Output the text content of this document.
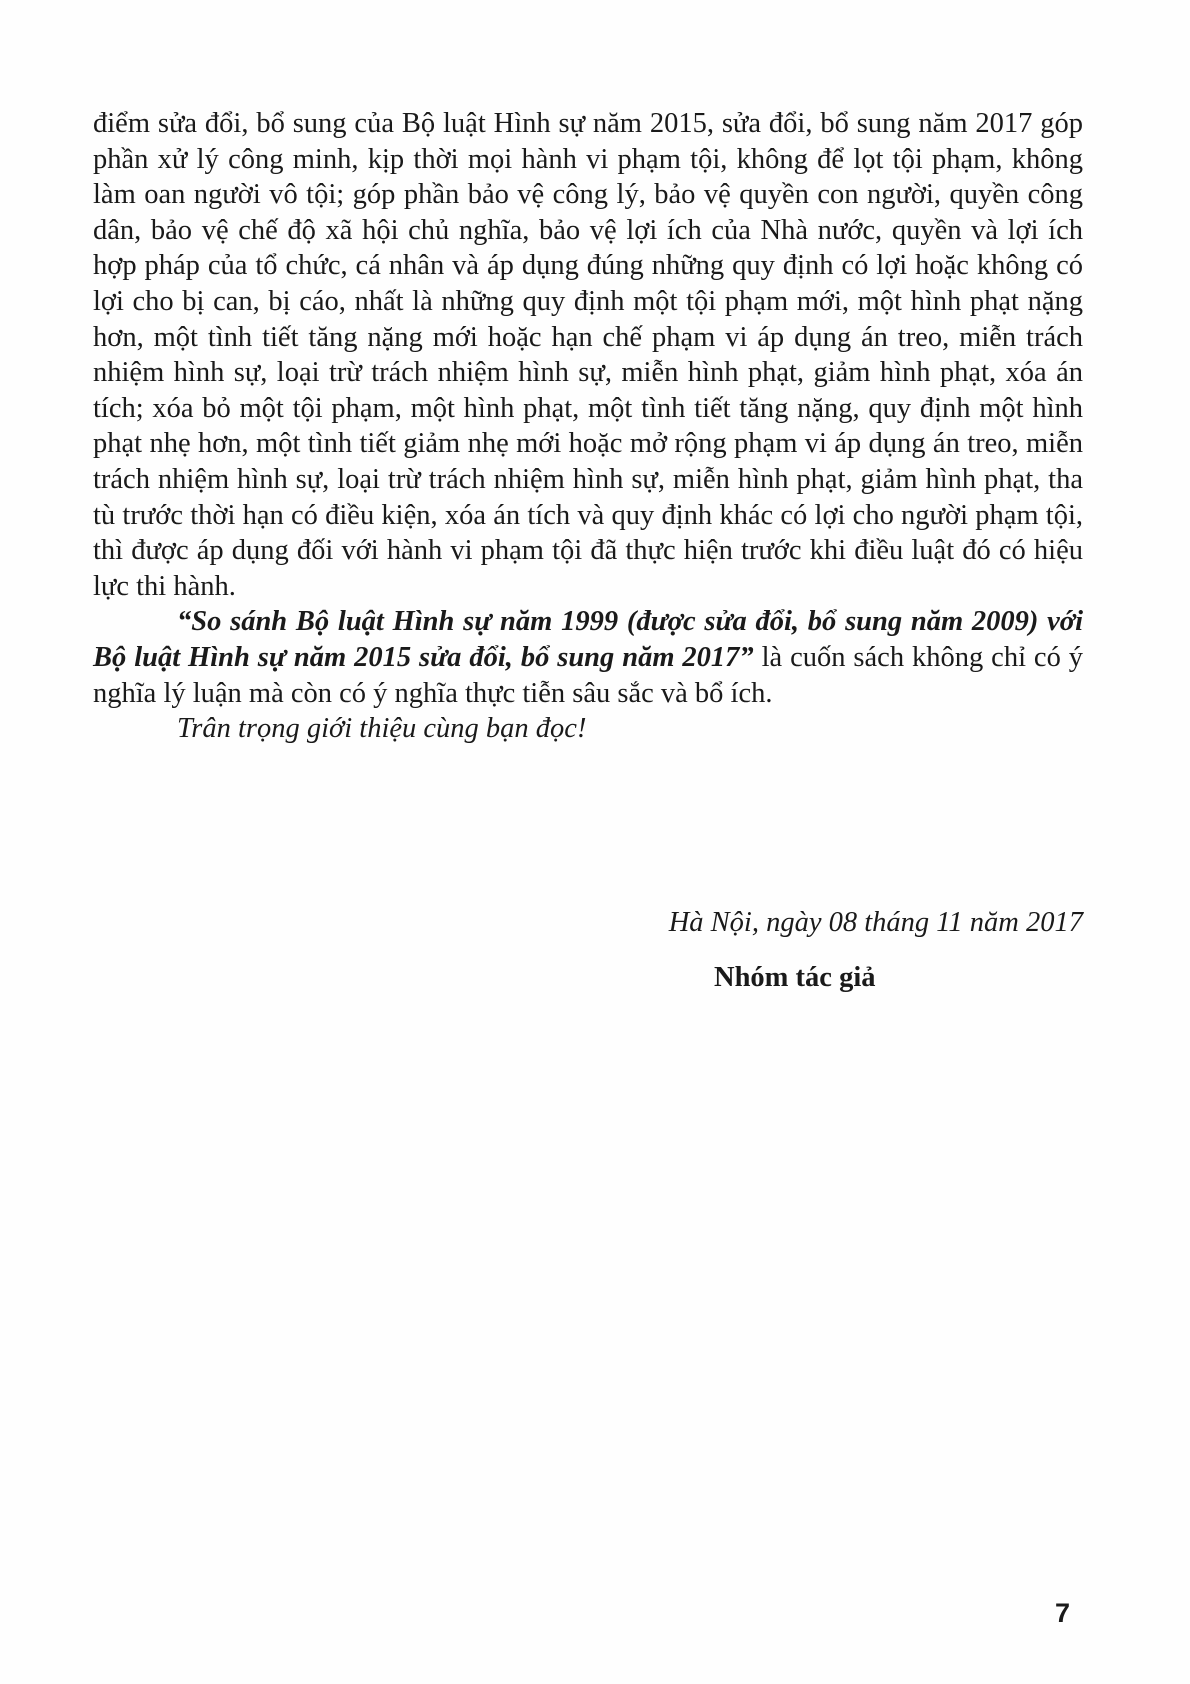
điểm sửa đổi, bổ sung của Bộ luật Hình sự năm 2015, sửa đổi, bổ sung năm 2017 góp phần xử lý công minh, kịp thời mọi hành vi phạm tội, không để lọt tội phạm, không làm oan người vô tội; góp phần bảo vệ công lý, bảo vệ quyền con người, quyền công dân, bảo vệ chế độ xã hội chủ nghĩa, bảo vệ lợi ích của Nhà nước, quyền và lợi ích hợp pháp của tổ chức, cá nhân và áp dụng đúng những quy định có lợi hoặc không có lợi cho bị can, bị cáo, nhất là những quy định một tội phạm mới, một hình phạt nặng hơn, một tình tiết tăng nặng mới hoặc hạn chế phạm vi áp dụng án treo, miễn trách nhiệm hình sự, loại trừ trách nhiệm hình sự, miễn hình phạt, giảm hình phạt, xóa án tích; xóa bỏ một tội phạm, một hình phạt, một tình tiết tăng nặng, quy định một hình phạt nhẹ hơn, một tình tiết giảm nhẹ mới hoặc mở rộng phạm vi áp dụng án treo, miễn trách nhiệm hình sự, loại trừ trách nhiệm hình sự, miễn hình phạt, giảm hình phạt, tha tù trước thời hạn có điều kiện, xóa án tích và quy định khác có lợi cho người phạm tội, thì được áp dụng đối với hành vi phạm tội đã thực hiện trước khi điều luật đó có hiệu lực thi hành.

“So sánh Bộ luật Hình sự năm 1999 (được sửa đổi, bổ sung năm 2009) với Bộ luật Hình sự năm 2015 sửa đổi, bổ sung năm 2017” là cuốn sách không chỉ có ý nghĩa lý luận mà còn có ý nghĩa thực tiễn sâu sắc và bổ ích.

Trân trọng giới thiệu cùng bạn đọc!

Hà Nội, ngày 08 tháng 11 năm 2017
Nhóm tác giả
7
